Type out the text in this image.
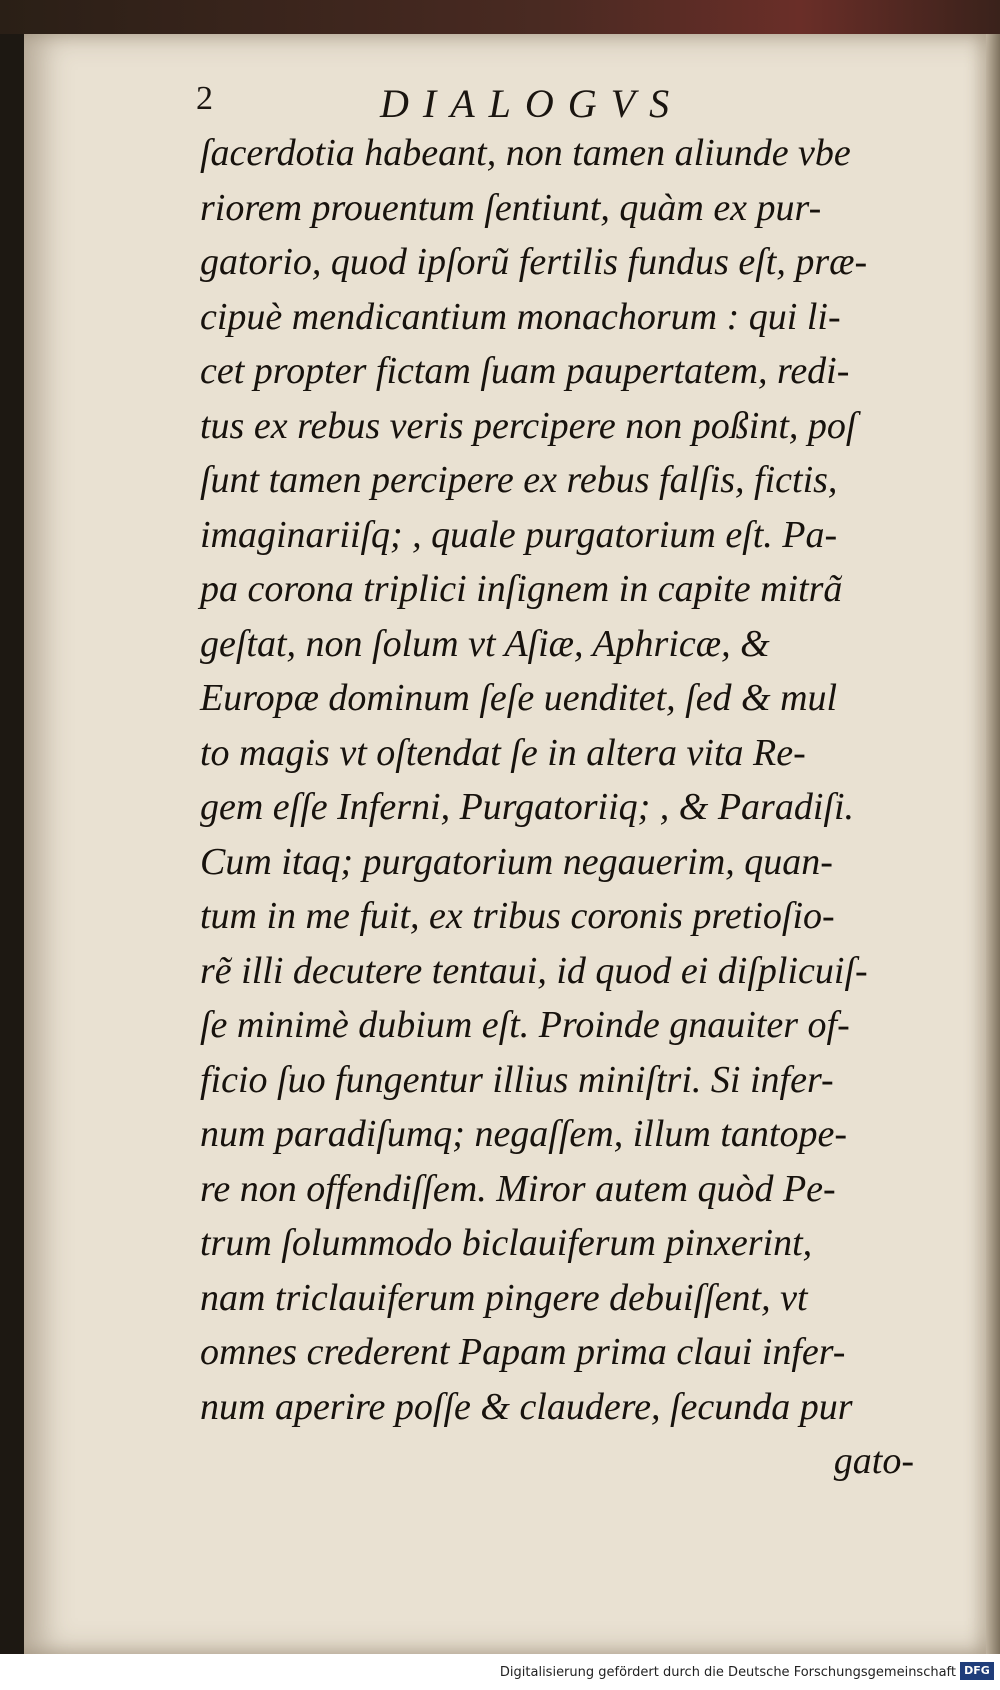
2	DIALOGVS
ſacerdotia habeant, non tamen aliunde vbe
riorem prouentum ſentiunt, quàm ex pur-
gatorio, quod ipſorũ fertilis fundus eſt, præ-
cipuè mendicantium monachorum : qui li-
cet propter fictam ſuam paupertatem, redi-
tus ex rebus veris percipere non poßint, poſ
ſunt tamen percipere ex rebus falſis, fictis,
imaginariiſq; , quale purgatorium eſt. Pa-
pa corona triplici inſignem in capite mitrã
geſtat, non ſolum vt Aſiæ, Aphricæ, &
Europæ dominum ſeſe uenditet, ſed & mul
to magis vt oſtendat ſe in altera vita Re-
gem eſſe Inferni, Purgatoriiq; , & Paradiſi.
Cum itaq; purgatorium negauerim, quan-
tum in me fuit, ex tribus coronis pretioſio-
rẽ illi decutere tentaui, id quod ei diſplicuiſ-
ſe minimè dubium eſt. Proinde gnauiter of-
ficio ſuo fungentur illius miniſtri. Si infer-
num paradiſumq; negaſſem, illum tantope-
re non offendiſſem. Miror autem quòd Pe-
trum ſolummodo biclauiferum pinxerint,
nam triclauiferum pingere debuiſſent, vt
omnes crederent Papam prima claui infer-
num aperire poſſe & claudere, ſecunda pur
gato-
Digitalisierung gefördert durch die Deutsche Forschungsgemeinschaft DFG
